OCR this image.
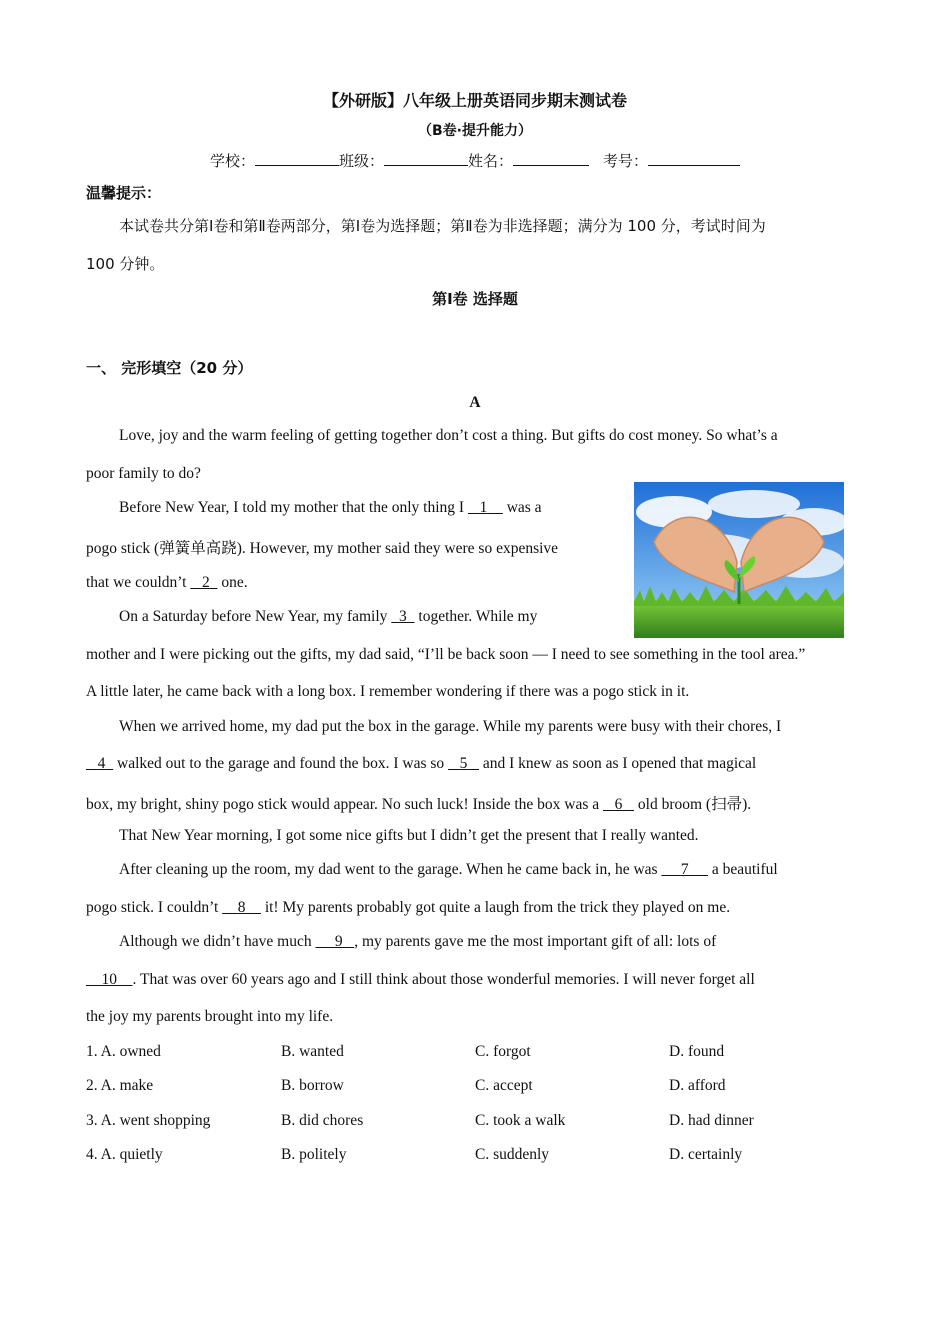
【外研版】八年级上册英语同步期末测试卷
（B卷·提升能力）
学校：	班级：	姓名：	考号：
温馨提示：
本试卷共分第Ⅰ卷和第Ⅱ卷两部分，第Ⅰ卷为选择题；第Ⅱ卷为非选择题；满分为 100 分，考试时间为
100 分钟。
第Ⅰ卷 选择题
一、 完形填空（20 分）
A
Love, joy and the warm feeling of getting together don’t cost a thing. But gifts do cost money. So what’s a
poor family to do?
Before New Year, I told my mother that the only thing I 1 was a
pogo stick (弹簧单高跷). However, my mother said they were so expensive
that we couldn’t 2 one.
On a Saturday before New Year, my family 3 together. While my
mother and I were picking out the gifts, my dad said, “I’ll be back soon — I need to see something in the tool area.”
A little later, he came back with a long box. I remember wondering if there was a pogo stick in it.
When we arrived home, my dad put the box in the garage. While my parents were busy with their chores, I
4 walked out to the garage and found the box. I was so 5 and I knew as soon as I opened that magical
box, my bright, shiny pogo stick would appear. No such luck! Inside the box was a 6 old broom (扫帚).
That New Year morning, I got some nice gifts but I didn’t get the present that I really wanted.
After cleaning up the room, my dad went to the garage. When he came back in, he was 7 a beautiful
pogo stick. I couldn’t 8 it! My parents probably got quite a laugh from the trick they played on me.
Although we didn’t have much 9 , my parents gave me the most important gift of all: lots of
10 . That was over 60 years ago and I still think about those wonderful memories. I will never forget all
the joy my parents brought into my life.
1. A. owned	B. wanted	C. forgot	D. found
2. A. make	B. borrow	C. accept	D. afford
3. A. went shopping	B. did chores	C. took a walk	D. had dinner
4. A. quietly	B. politely	C. suddenly	D. certainly
